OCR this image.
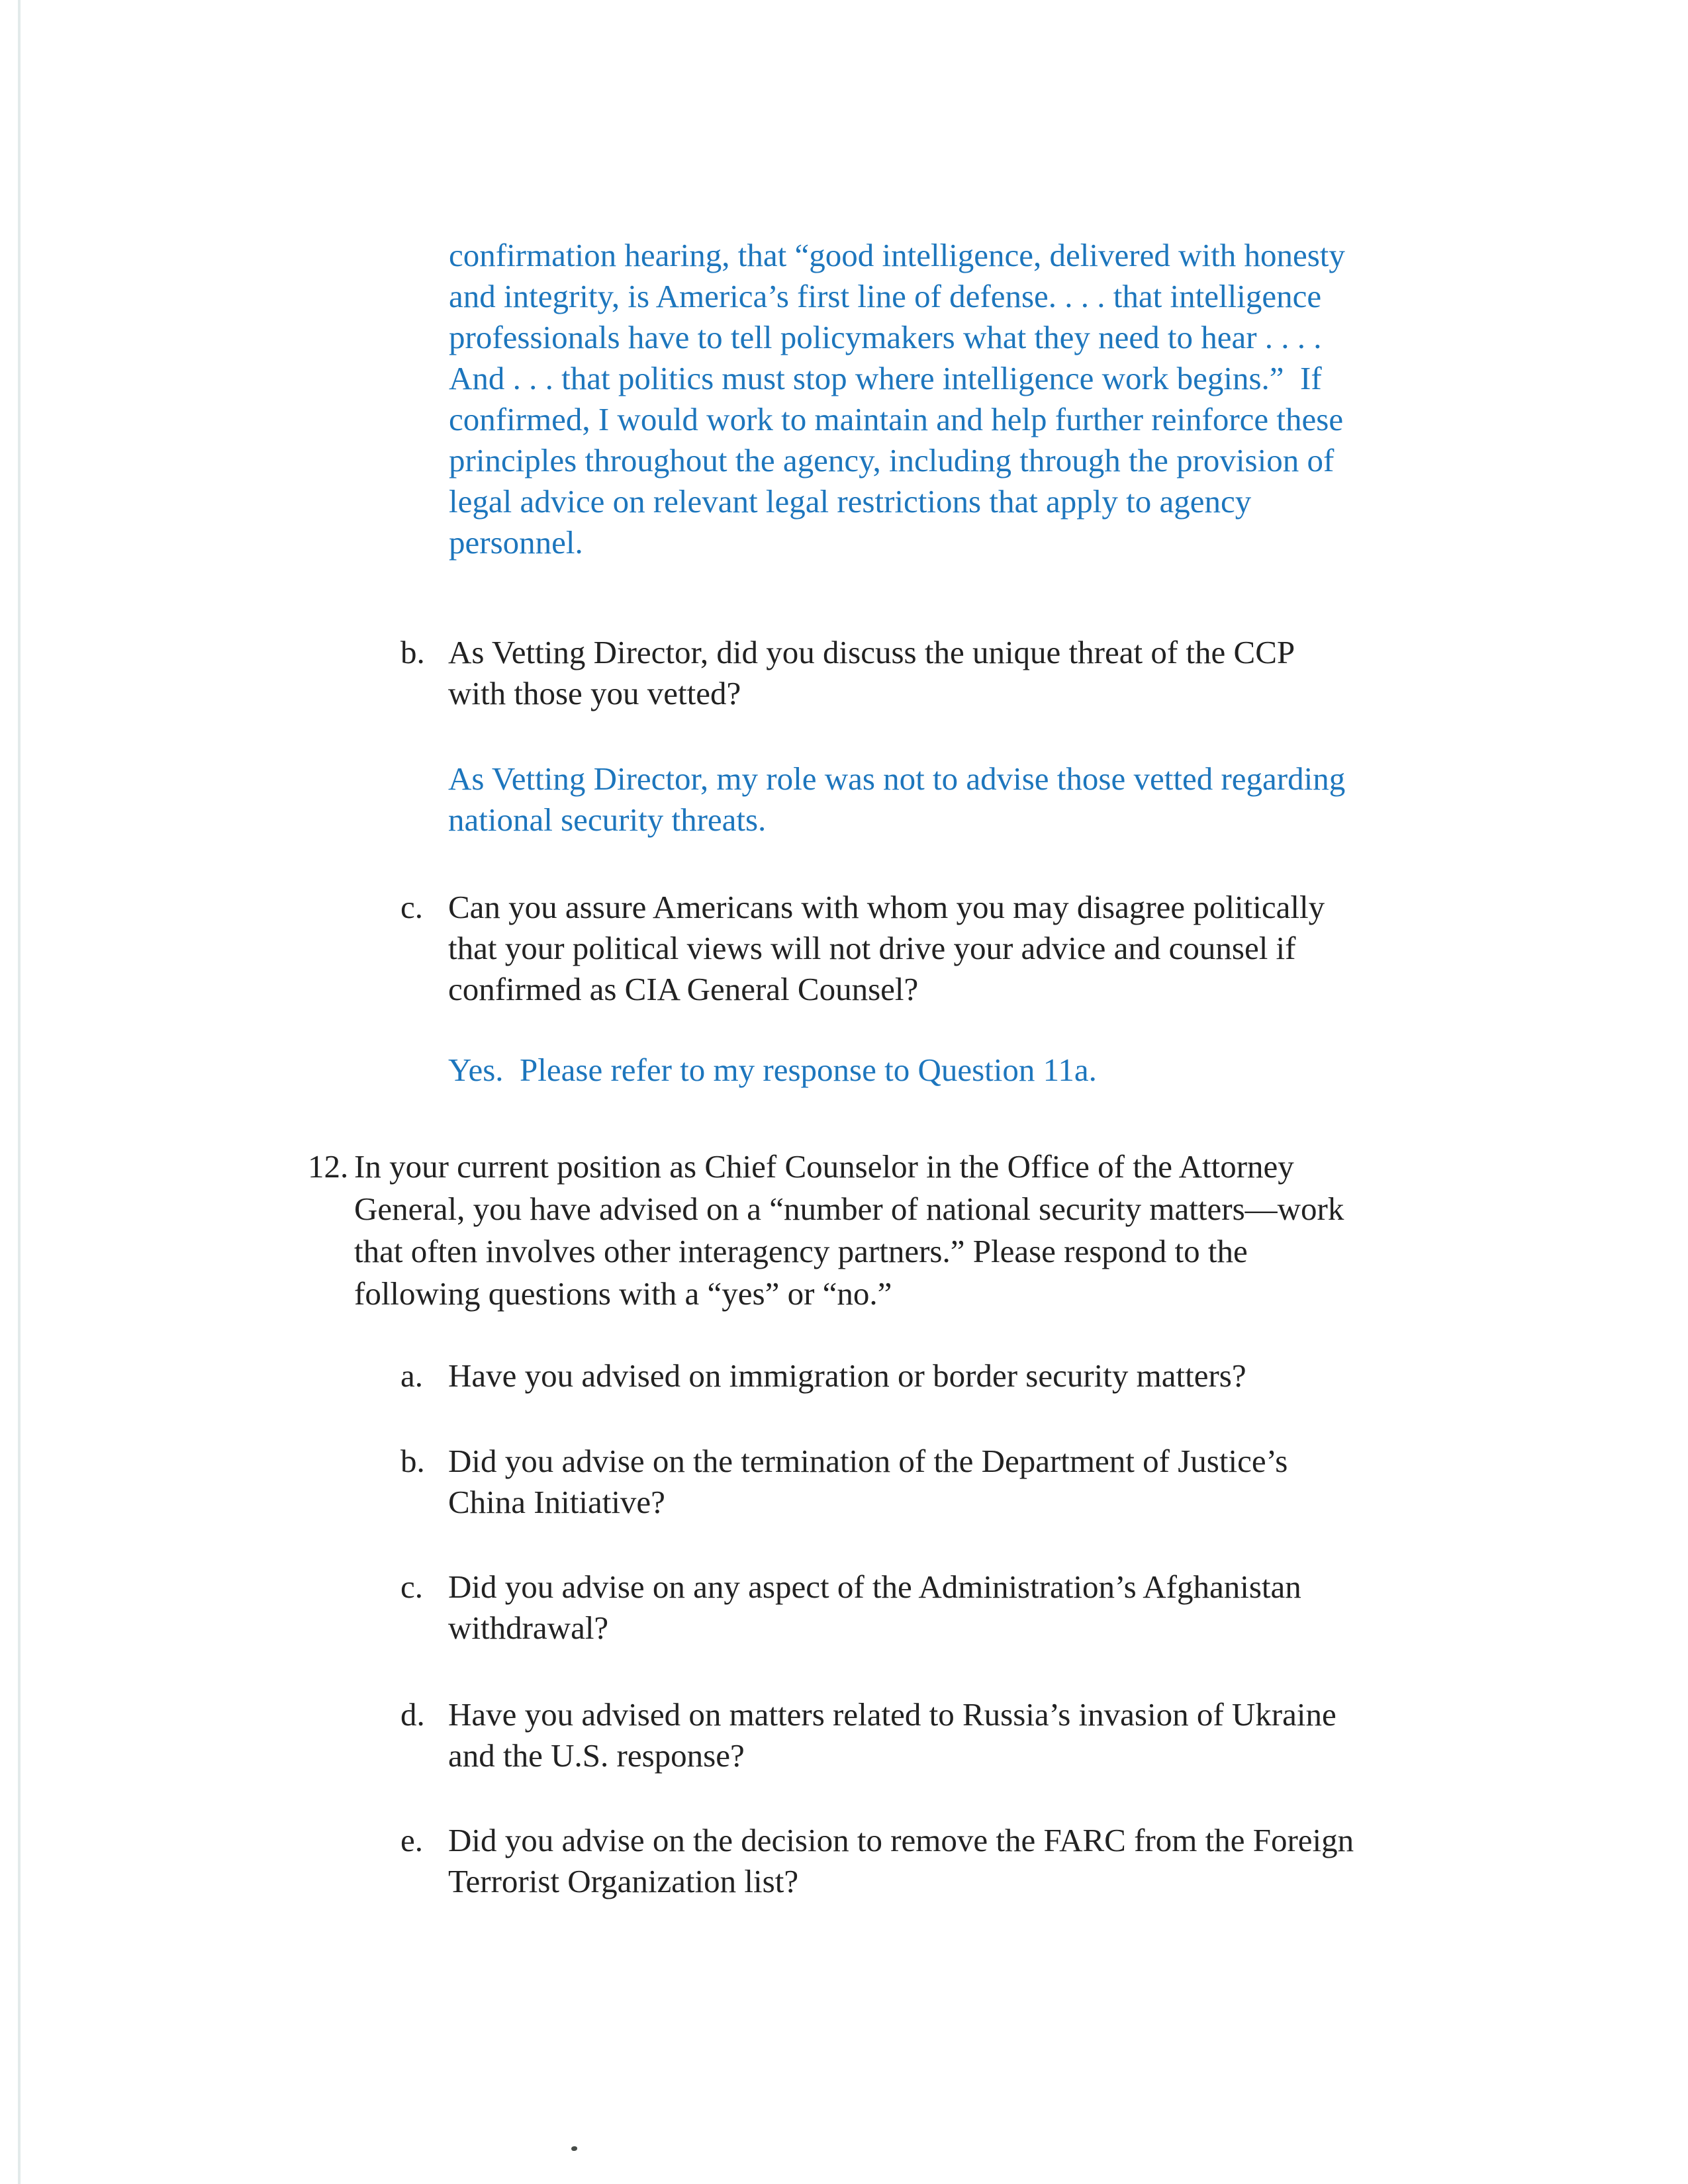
confirmation hearing, that “good intelligence, delivered with honesty
and integrity, is America’s first line of defense. . . . that intelligence
professionals have to tell policymakers what they need to hear . . . .
And . . . that politics must stop where intelligence work begins.”  If
confirmed, I would work to maintain and help further reinforce these
principles throughout the agency, including through the provision of
legal advice on relevant legal restrictions that apply to agency
personnel.
b. As Vetting Director, did you discuss the unique threat of the CCP
with those you vetted?
As Vetting Director, my role was not to advise those vetted regarding
national security threats.
c. Can you assure Americans with whom you may disagree politically
that your political views will not drive your advice and counsel if
confirmed as CIA General Counsel?
Yes.  Please refer to my response to Question 11a.
12. In your current position as Chief Counselor in the Office of the Attorney
General, you have advised on a “number of national security matters—work
that often involves other interagency partners.” Please respond to the
following questions with a “yes” or “no.”
a. Have you advised on immigration or border security matters?
b. Did you advise on the termination of the Department of Justice’s
China Initiative?
c. Did you advise on any aspect of the Administration’s Afghanistan
withdrawal?
d. Have you advised on matters related to Russia’s invasion of Ukraine
and the U.S. response?
e. Did you advise on the decision to remove the FARC from the Foreign
Terrorist Organization list?
